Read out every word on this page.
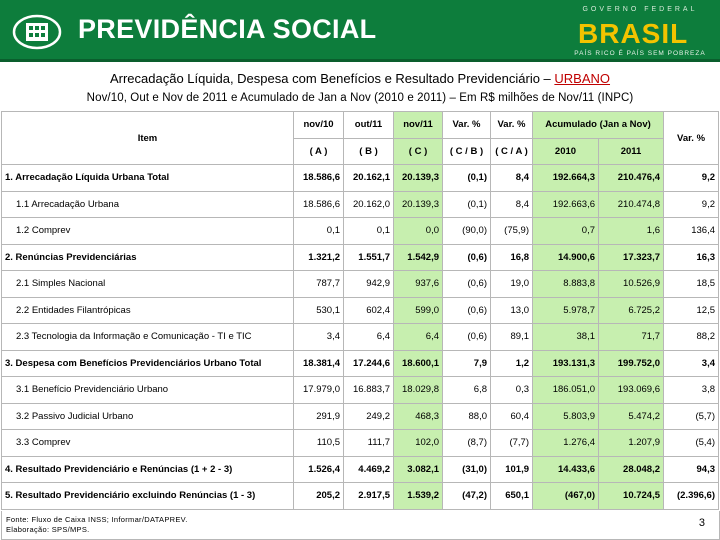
PREVIDÊNCIA SOCIAL
GOVERNO FEDERAL
BRASIL
PAÍS RICO É PAÍS SEM POBREZA
Arrecadação Líquida, Despesa com Benefícios e Resultado Previdenciário – URBANO
Nov/10, Out e Nov de 2011 e Acumulado de Jan a Nov (2010 e 2011) – Em R$ milhões de Nov/11 (INPC)
Item	nov/10	out/11	nov/11	Var. %	Var. %	Acumulado (Jan a Nov)		Var. %
	( A )	( B )	( C )	( C / B )	( C / A )	2010	2011	
1. Arrecadação Líquida Urbana Total	18.586,6	20.162,1	20.139,3	(0,1)	8,4	192.664,3	210.476,4	9,2
1.1 Arrecadação Urbana	18.586,6	20.162,0	20.139,3	(0,1)	8,4	192.663,6	210.474,8	9,2
1.2 Comprev	0,1	0,1	0,0	(90,0)	(75,9)	0,7	1,6	136,4
2. Renúncias Previdenciárias	1.321,2	1.551,7	1.542,9	(0,6)	16,8	14.900,6	17.323,7	16,3
2.1 Simples Nacional	787,7	942,9	937,6	(0,6)	19,0	8.883,8	10.526,9	18,5
2.2 Entidades Filantrópicas	530,1	602,4	599,0	(0,6)	13,0	5.978,7	6.725,2	12,5
2.3 Tecnologia da Informação e Comunicação - TI e TIC	3,4	6,4	6,4	(0,6)	89,1	38,1	71,7	88,2
3. Despesa com Benefícios Previdenciários Urbano Total	18.381,4	17.244,6	18.600,1	7,9	1,2	193.131,3	199.752,0	3,4
3.1 Benefício Previdenciário Urbano	17.979,0	16.883,7	18.029,8	6,8	0,3	186.051,0	193.069,6	3,8
3.2 Passivo Judicial Urbano	291,9	249,2	468,3	88,0	60,4	5.803,9	5.474,2	(5,7)
3.3 Comprev	110,5	111,7	102,0	(8,7)	(7,7)	1.276,4	1.207,9	(5,4)
4. Resultado Previdenciário e Renúncias (1 + 2 - 3)	1.526,4	4.469,2	3.082,1	(31,0)	101,9	14.433,6	28.048,2	94,3
5. Resultado Previdenciário excluindo Renúncias (1 - 3)	205,2	2.917,5	1.539,2	(47,2)	650,1	(467,0)	10.724,5	(2.396,6)
Fonte: Fluxo de Caixa INSS; Informar/DATAPREV.
Elaboração: SPS/MPS.
3
